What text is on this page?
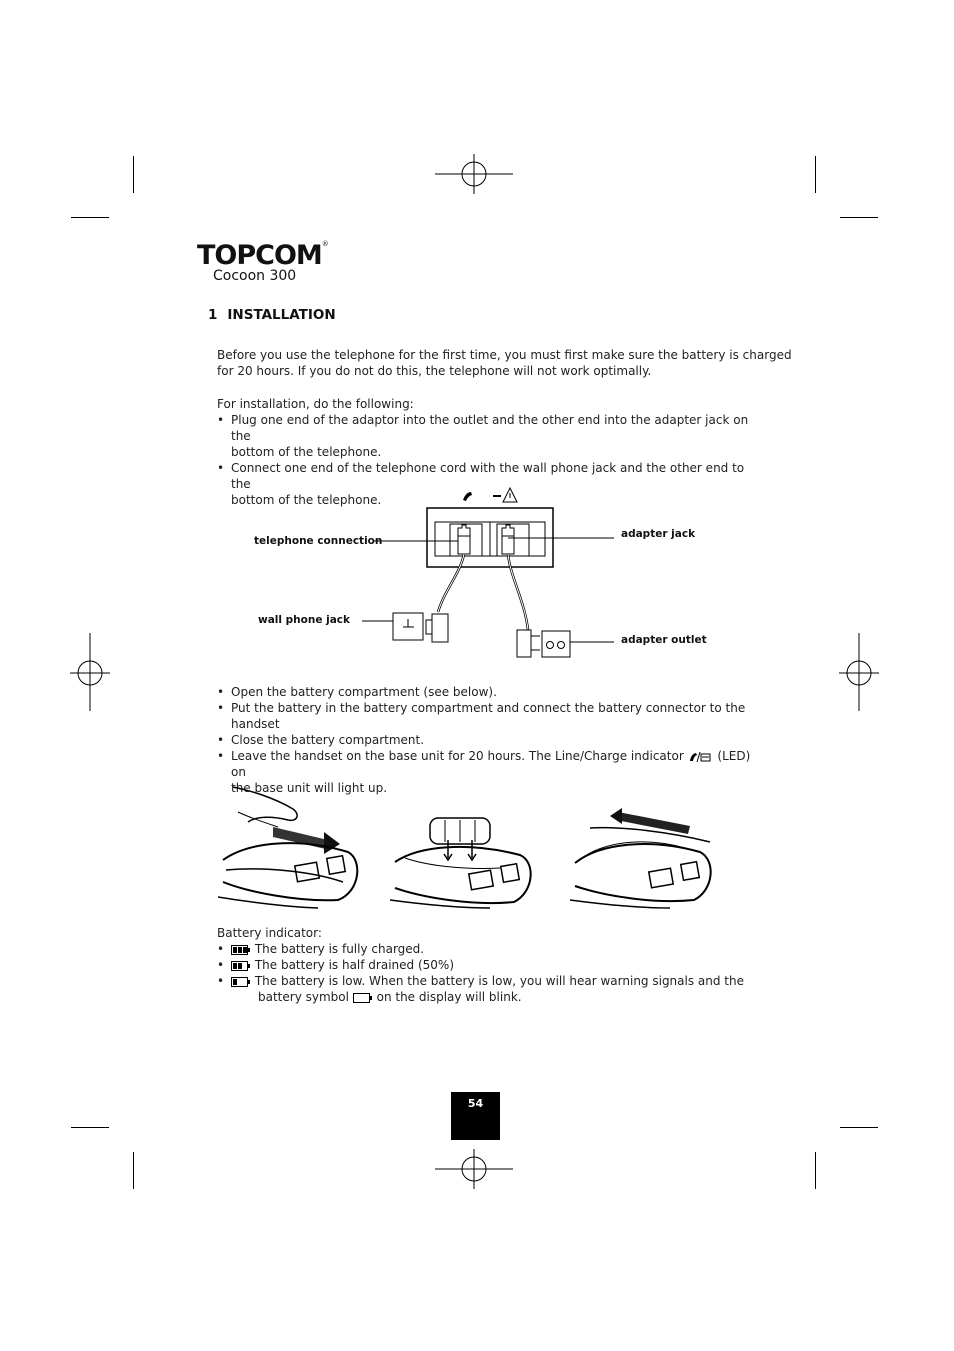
TOPCOM®
Cocoon 300
1 INSTALLATION
Before you use the telephone for the first time, you must first make sure the battery is charged
for 20 hours. If you do not do this, the telephone will not work optimally.
For installation, do the following:
• Plug one end of the adaptor into the outlet and the other end into the adapter jack on the
bottom of the telephone.
• Connect one end of the telephone cord with the wall phone jack and the other end to the
bottom of the telephone.
telephone connection
adapter jack
wall phone jack
adapter outlet
• Open the battery compartment (see below).
• Put the battery in the battery compartment and connect the battery connector to the handset
• Close the battery compartment.
• Leave the handset on the base unit for 20 hours. The Line/Charge indicator	(LED) on
the base unit will light up.
Battery indicator:
• The battery is fully charged.
• The battery is half drained (50%)
• The battery is low. When the battery is low, you will hear warning signals and the
battery symbol on the display will blink.
54
